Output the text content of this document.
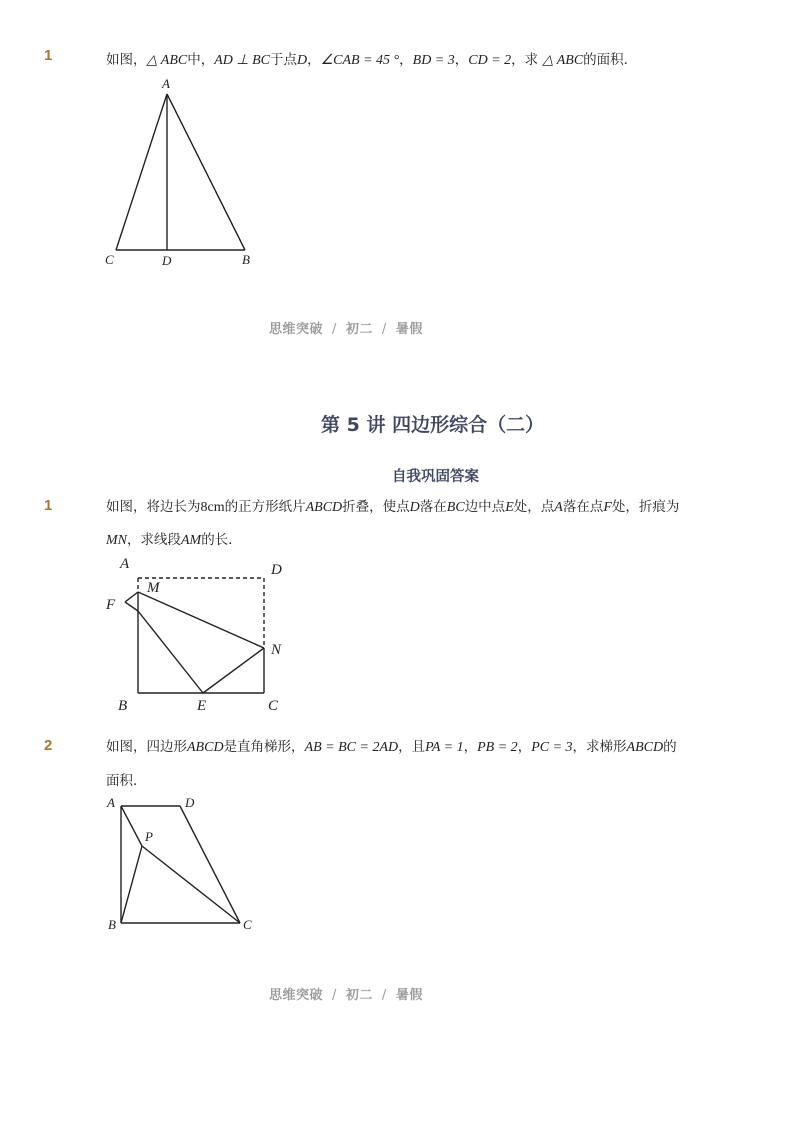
1	如图，△ ABC中，AD ⊥ BC于点D，∠CAB = 45 °，BD = 3，CD = 2，求 △ ABC的面积．
A
C	D	B
思维突破 / 初二 / 暑假
第 5 讲 四边形综合（二）
自我巩固答案
1	如图，将边长为8cm的正方形纸片ABCD折叠，使点D落在BC边中点E处，点A落在点F处，折痕为
MN，求线段AM的长．
A	D
M
F
N
B	E	C
2	如图，四边形ABCD是直角梯形，AB = BC = 2AD，且PA = 1，PB = 2，PC = 3，求梯形ABCD的
面积．
A	D
P
B	C
思维突破 / 初二 / 暑假
